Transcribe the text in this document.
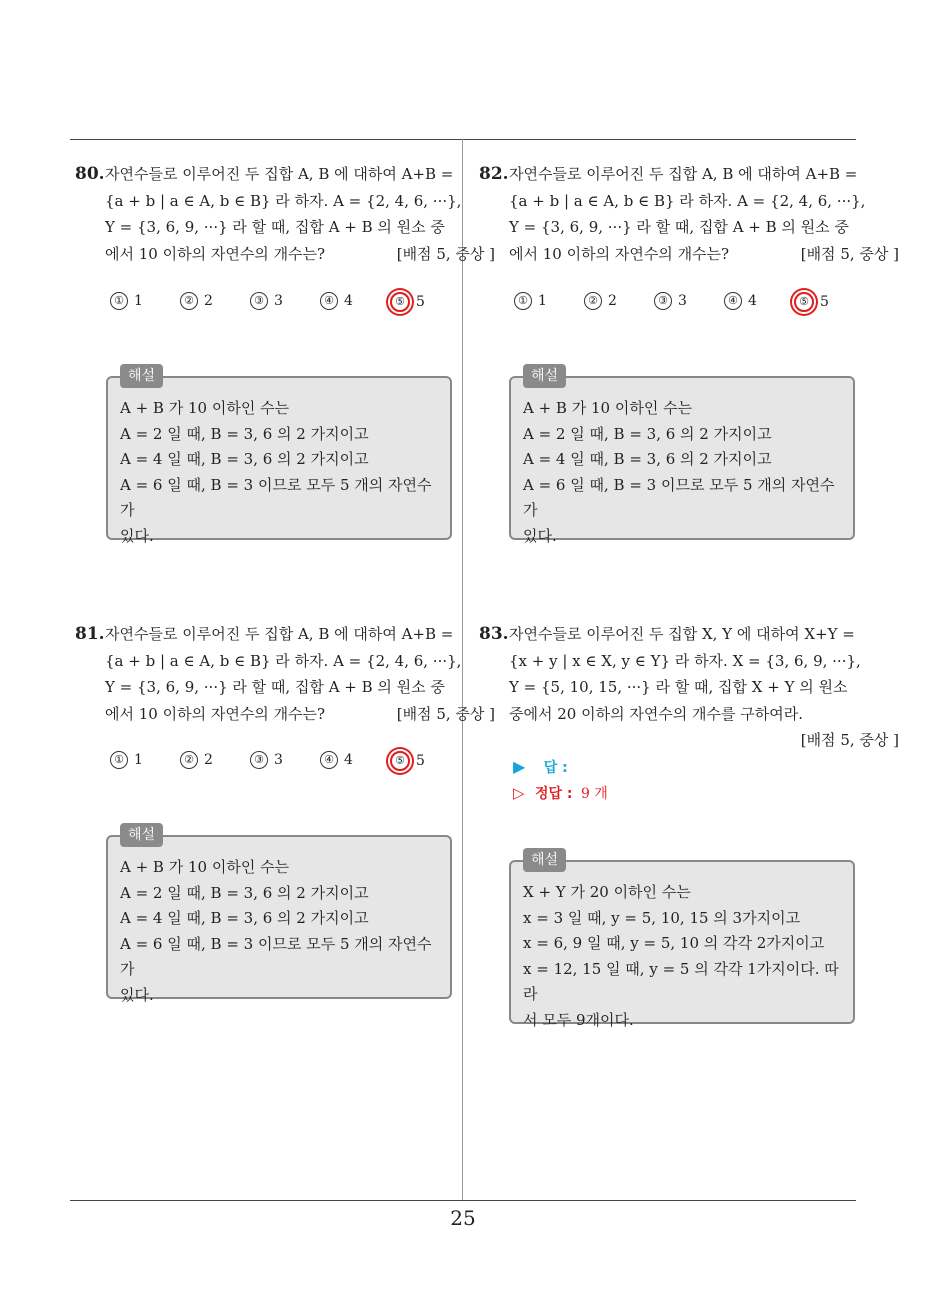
80. 자연수들로 이루어진 두 집합 A, B 에 대하여 A+B =
{a + b | a ∈ A, b ∈ B} 라 하자. A = {2, 4, 6, ···},
Y = {3, 6, 9, ···} 라 할 때, 집합 A + B 의 원소 중
에서 10 이하의 자연수의 개수는?	[배점 5, 중상 ]
① 1	② 2	③ 3	④ 4	⑤ 5
해설
A + B 가 10 이하인 수는
A = 2 일 때, B = 3, 6 의 2 가지이고
A = 4 일 때, B = 3, 6 의 2 가지이고
A = 6 일 때, B = 3 이므로 모두 5 개의 자연수가
있다.
82. 자연수들로 이루어진 두 집합 A, B 에 대하여 A+B =
{a + b | a ∈ A, b ∈ B} 라 하자. A = {2, 4, 6, ···},
Y = {3, 6, 9, ···} 라 할 때, 집합 A + B 의 원소 중
에서 10 이하의 자연수의 개수는?	[배점 5, 중상 ]
① 1	② 2	③ 3	④ 4	⑤ 5
해설
A + B 가 10 이하인 수는
A = 2 일 때, B = 3, 6 의 2 가지이고
A = 4 일 때, B = 3, 6 의 2 가지이고
A = 6 일 때, B = 3 이므로 모두 5 개의 자연수가
있다.
81. 자연수들로 이루어진 두 집합 A, B 에 대하여 A+B =
{a + b | a ∈ A, b ∈ B} 라 하자. A = {2, 4, 6, ···},
Y = {3, 6, 9, ···} 라 할 때, 집합 A + B 의 원소 중
에서 10 이하의 자연수의 개수는?	[배점 5, 중상 ]
① 1	② 2	③ 3	④ 4	⑤ 5
해설
A + B 가 10 이하인 수는
A = 2 일 때, B = 3, 6 의 2 가지이고
A = 4 일 때, B = 3, 6 의 2 가지이고
A = 6 일 때, B = 3 이므로 모두 5 개의 자연수가
있다.
83. 자연수들로 이루어진 두 집합 X, Y 에 대하여 X+Y =
{x + y | x ∈ X, y ∈ Y} 라 하자. X = {3, 6, 9, ···},
Y = {5, 10, 15, ···} 라 할 때, 집합 X + Y 의 원소
중에서 20 이하의 자연수의 개수를 구하여라.
[배점 5, 중상 ]
▶ 답 :
▷ 정답 : 9 개
해설
X + Y 가 20 이하인 수는
x = 3 일 때, y = 5, 10, 15 의 3가지이고
x = 6, 9 일 때, y = 5, 10 의 각각 2가지이고
x = 12, 15 일 때, y = 5 의 각각 1가지이다. 따라
서 모두 9개이다.
25
